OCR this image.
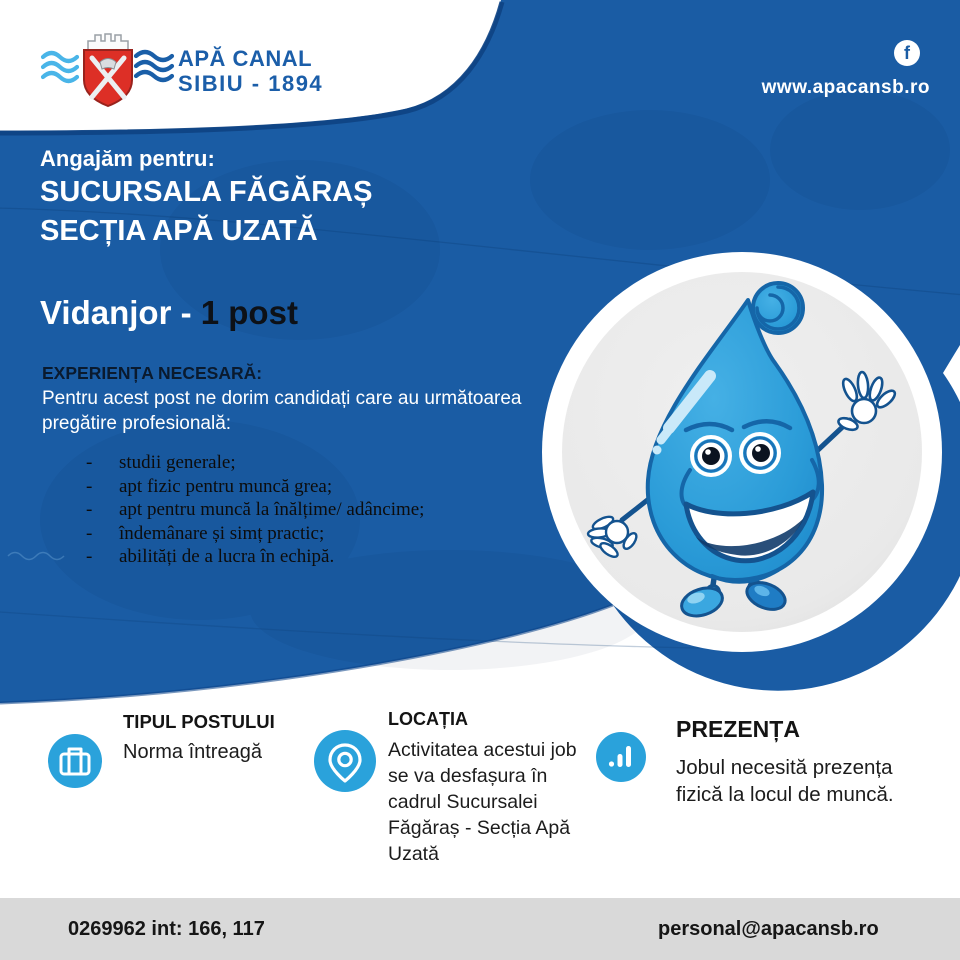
APĂ CANAL
SIBIU - 1894
f
www.apacansb.ro
Angajăm pentru:
SUCURSALA FĂGĂRAȘ
SECȚIA APĂ UZATĂ
Vidanjor - 1 post
EXPERIENȚA NECESARĂ:
Pentru acest post ne dorim candidați care au următoarea
pregătire profesională:
-	studii generale;
-	apt fizic pentru muncă grea;
-	apt pentru muncă la înălțime/ adâncime;
-	îndemânare și simț practic;
-	abilități de a lucra în echipă.
TIPUL POSTULUI
Norma întreagă
LOCAȚIA
Activitatea acestui job se va desfașura în cadrul Sucursalei Făgăraș - Secția Apă Uzată
PREZENȚA
Jobul necesită prezența fizică la locul de muncă.
0269962 int: 166, 117	personal@apacansb.ro
